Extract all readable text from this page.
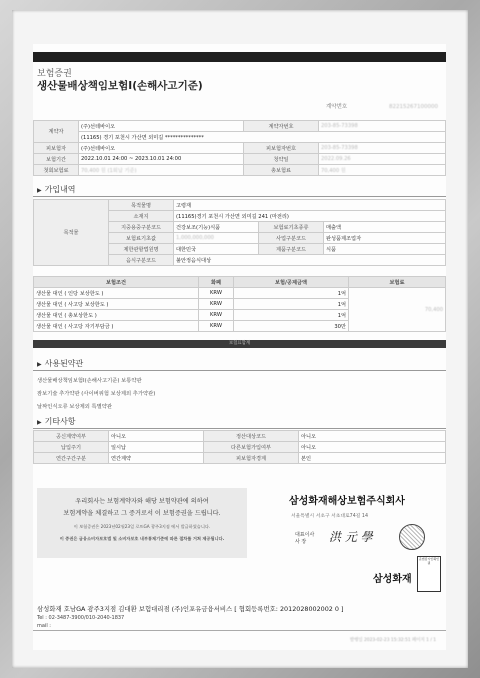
보험증권
생산물배상책임보험Ⅰ(손해사고기준)
계약번호	82215267100000
계약자	(주)선테바이오	계약자번호	203-85-73398
	(11165) 경기 포천시 가산면 외미길 ***************		
피보험자	(주)선테바이오	피보험자번호	203-85-73398
보험기간	2022.10.01 24:00 ~ 2023.10.01 24:00	청약일	2022.09.26
첫회보험료	70,400 원 (1회납 기준)	총보험료	70,400 원
▶ 가입내역
목적물	목적물명	고령재		
	소재지	(11165)경기 포천시 가산면 외미길 241 (마전리)		
	지중용중구분코드	건강보조(기능)식품	보험료기초종류	매출액
	보험료기초값	1,000,000,000	사업구분코드	완성품제조업자
	제한관할법원명	대한민국	제품구분코드	식품
	음식구분코드	불안정음식대상		
보험조건	화폐	보험/공제금액	보험료
생산물 대인 ( 인당 보상한도 )	KRW	1억	70,400
생산물 대인 ( 사고당 보상한도 )	KRW	1억	
생산물 대인 ( 총보상한도 )	KRW	1억	
생산물 대인 ( 사고당 자기부담금 )	KRW	30만	
보험료합계
▶ 사용된약관
생산물배상책임보험Ⅰ(손해사고기준) 보통약관
잠보기술 추가약관 (사이버위험 보상제외 추가약관)
날짜인식오류 보상제외 특별약관
▶ 기타사항
공신계약여부	아니오	정산대상코드	아니오
납입주기	일시납	다른보험가입여부	아니오
연간구간구분	연간계약	피보험자경계	본인
우리회사는 보험계약자와 해당 보험약관에 의하여
보험계약을 체결하고 그 증거로서 이 보험증권을 드립니다.
이 보험증권은 2023년02월23일 로뜨GA 광주3지점 에서 발급하였습니다.
이 증권은 금융소비자보호법 및 소비자보호 내부통제기준에 따른 절차를 거쳐 제공됩니다.
삼성화재해상보험주식회사
서울특별시 서초구 서초대로74길 14
대표이사
사 장	洪 元 學
삼성화재
준법감시인확인필
삼성화재 호남GA 광주3지점 김대환 보험대리점 (주)인포유금융서비스 [ 협회등록번호: 2012028002002 0 ]
Tel : 02-3487-3900/010-2040-1837
mail :
발행일 2023-02-23 15:32:51 페이지 1 / 1
